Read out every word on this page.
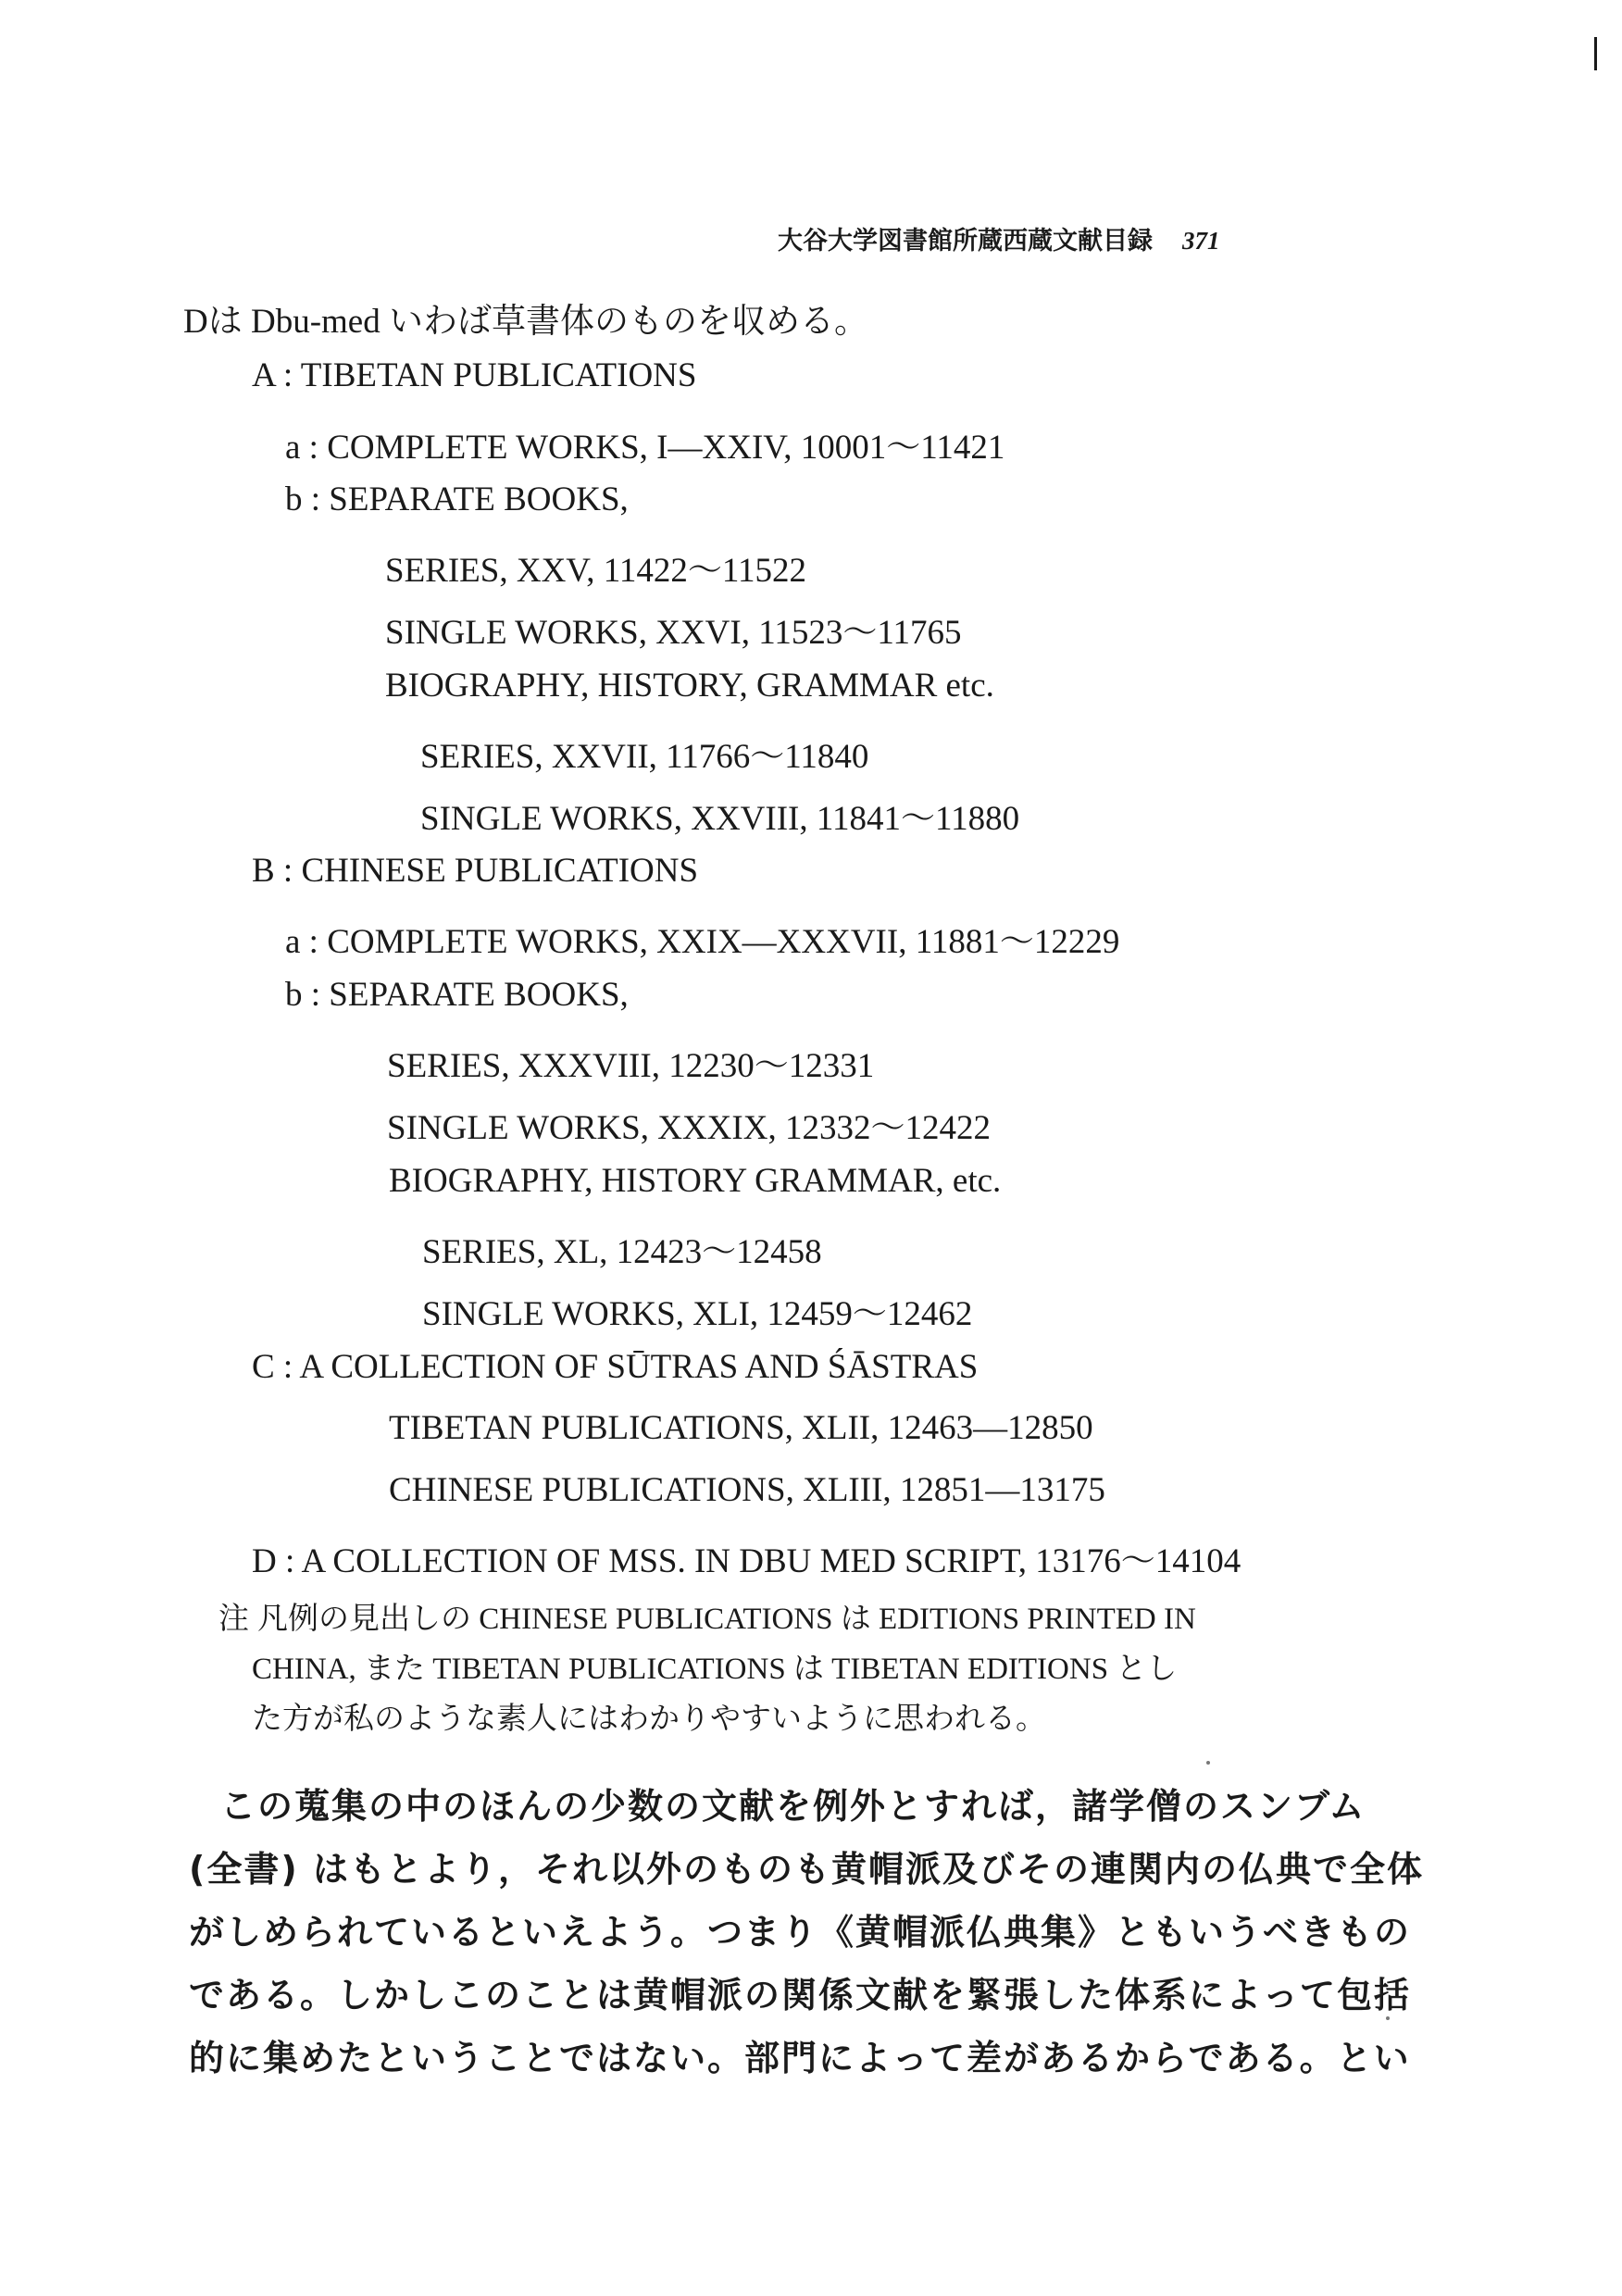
大谷大学図書館所蔵西蔵文献目録 371
Dは Dbu-med いわば草書体のものを収める。
A : TIBETAN PUBLICATIONS
a : COMPLETE WORKS, I—XXIV, 10001～11421
b : SEPARATE BOOKS,
SERIES, XXV, 11422～11522
SINGLE WORKS, XXVI, 11523～11765
BIOGRAPHY, HISTORY, GRAMMAR etc.
SERIES, XXVII, 11766～11840
SINGLE WORKS, XXVIII, 11841～11880
B : CHINESE PUBLICATIONS
a : COMPLETE WORKS, XXIX—XXXVII, 11881～12229
b : SEPARATE BOOKS,
SERIES, XXXVIII, 12230～12331
SINGLE WORKS, XXXIX, 12332～12422
BIOGRAPHY, HISTORY GRAMMAR, etc.
SERIES, XL, 12423～12458
SINGLE WORKS, XLI, 12459～12462
C : A COLLECTION OF SŪTRAS AND ŚĀSTRAS
TIBETAN PUBLICATIONS, XLII, 12463—12850
CHINESE PUBLICATIONS, XLIII, 12851—13175
D : A COLLECTION OF MSS. IN DBU MED SCRIPT, 13176～14104
注 凡例の見出しの CHINESE PUBLICATIONS は EDITIONS PRINTED IN
CHINA, また TIBETAN PUBLICATIONS は TIBETAN EDITIONS とし
た方が私のような素人にはわかりやすいように思われる。
この蒐集の中のほんの少数の文献を例外とすれば，諸学僧のスンブム
(全書) はもとより，それ以外のものも黄帽派及びその連関内の仏典で全体
がしめられているといえよう。つまり《黄帽派仏典集》ともいうべきもの
である。しかしこのことは黄帽派の関係文献を緊張した体系によって包括
的に集めたということではない。部門によって差があるからである。とい
